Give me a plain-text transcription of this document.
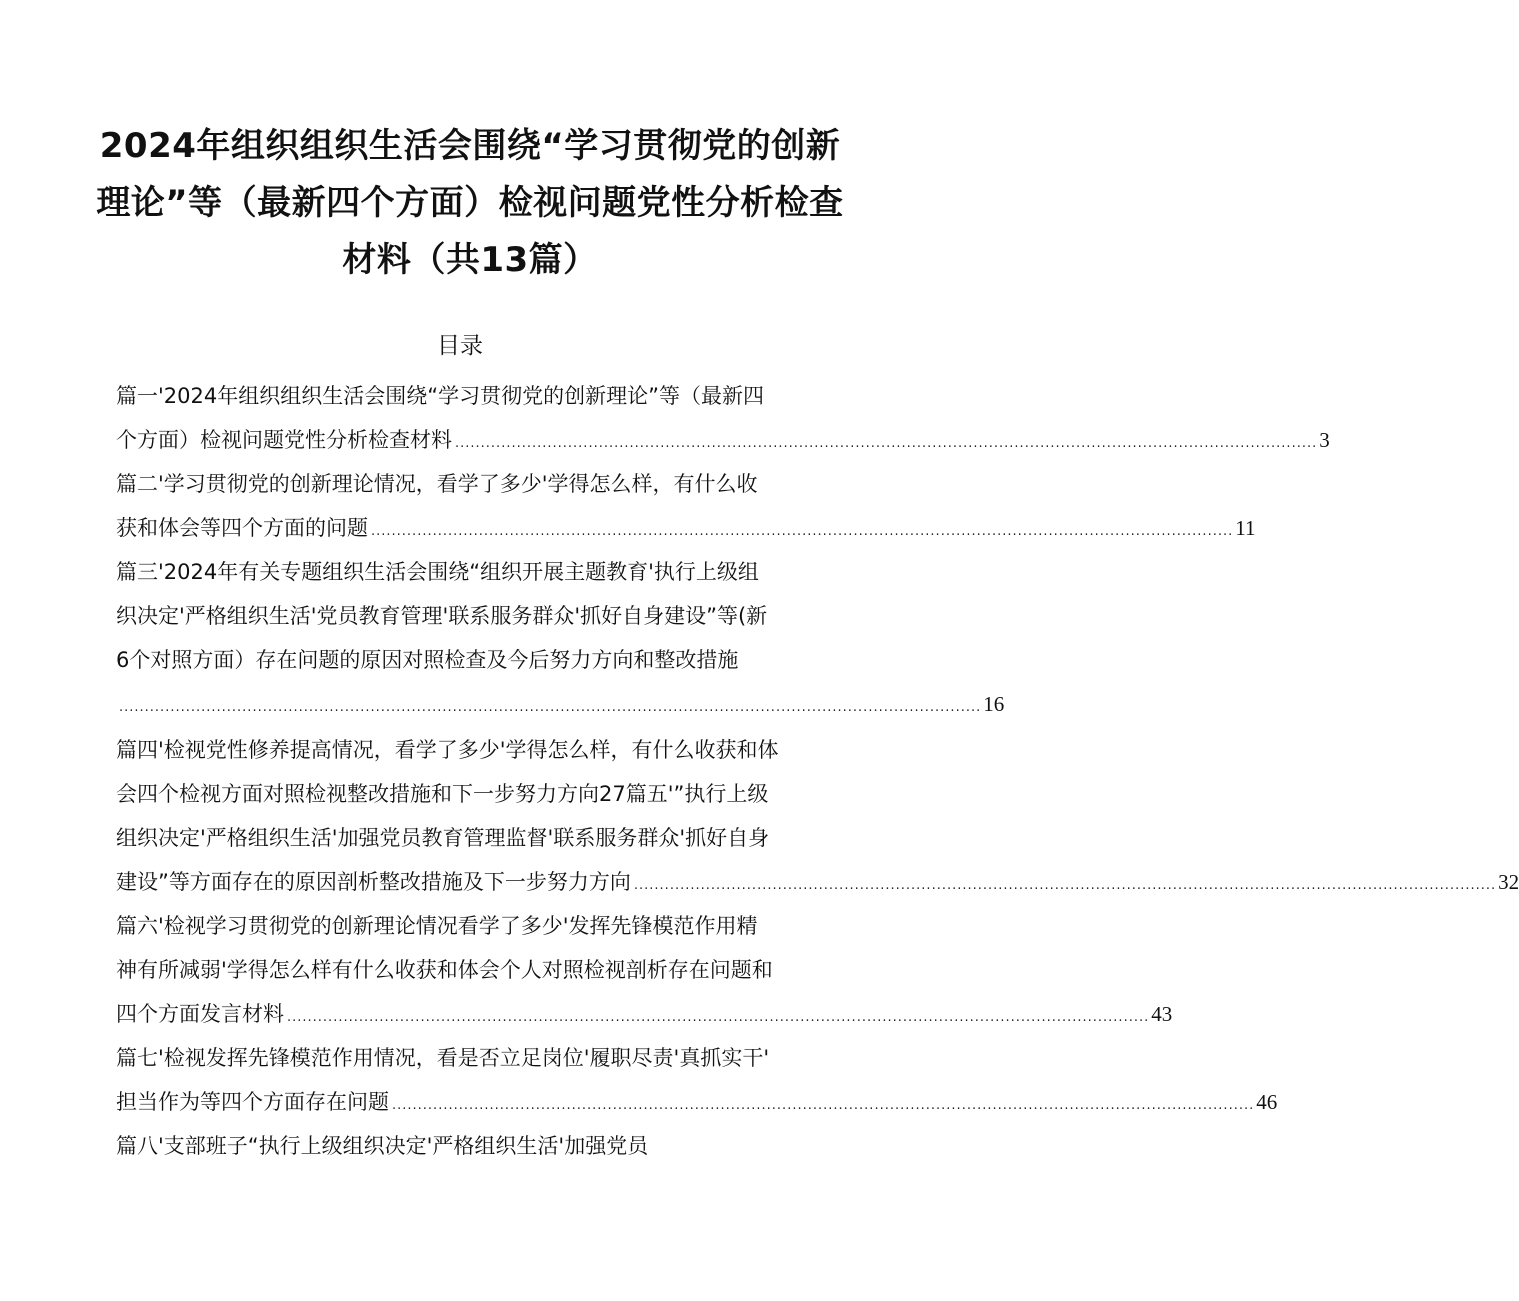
2024年组织组织生活会围绕“学习贯彻党的创新
理论”等（最新四个方面）检视问题党性分析检查
材料（共13篇）
目录
篇一'2024年组织组织生活会围绕“学习贯彻党的创新理论”等（最新四
个方面）检视问题党性分析检查材料 ........................................................................................................................................................................ 3
篇二'学习贯彻党的创新理论情况，看学了多少'学得怎么样，有什么收
获和体会等四个方面的问题 ........................................................................................................................................................................ 11
篇三'2024年有关专题组织生活会围绕“组织开展主题教育'执行上级组
织决定'严格组织生活'党员教育管理'联系服务群众'抓好自身建设”等(新
6个对照方面）存在问题的原因对照检查及今后努力方向和整改措施
........................................................................................................................................................................ 16
篇四'检视党性修养提高情况，看学了多少'学得怎么样，有什么收获和体
会四个检视方面对照检视整改措施和下一步努力方向27篇五'”执行上级
组织决定'严格组织生活'加强党员教育管理监督'联系服务群众'抓好自身
建设”等方面存在的原因剖析整改措施及下一步努力方向 ........................................................................................................................................................................ 32
篇六'检视学习贯彻党的创新理论情况看学了多少'发挥先锋模范作用精
神有所减弱'学得怎么样有什么收获和体会个人对照检视剖析存在问题和
四个方面发言材料 ........................................................................................................................................................................ 43
篇七'检视发挥先锋模范作用情况，看是否立足岗位'履职尽责'真抓实干'
担当作为等四个方面存在问题 ........................................................................................................................................................................ 46
篇八'支部班子“执行上级组织决定'严格组织生活'加强党员
